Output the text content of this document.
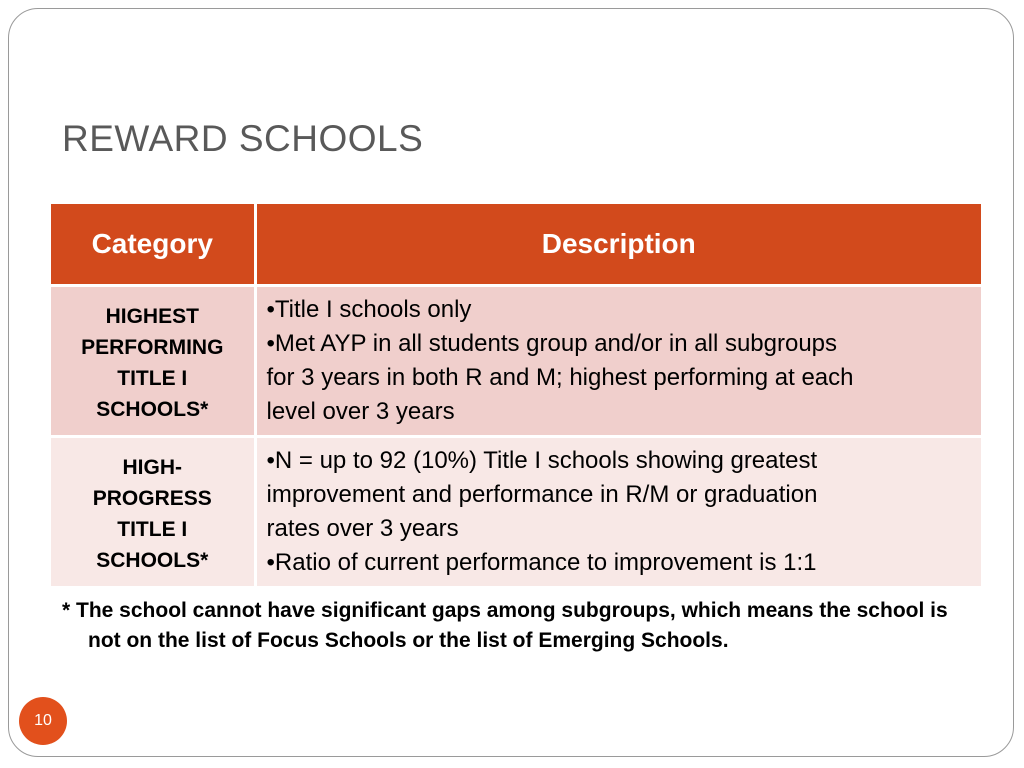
REWARD SCHOOLS
Category	Description

HIGHEST
PERFORMING
TITLE I
SCHOOLS*	•Title I schools only
•Met AYP in all students group and/or in all subgroups
for 3 years in both R and M; highest performing at each
level over 3 years

HIGH-
PROGRESS
TITLE I
SCHOOLS*	•N = up to 92 (10%) Title I schools showing greatest
improvement and performance in R/M or graduation
rates over 3 years
•Ratio of current performance to improvement is 1:1
* The school cannot have significant gaps among subgroups, which means the school is not on the list of Focus Schools or the list of Emerging Schools.
10
